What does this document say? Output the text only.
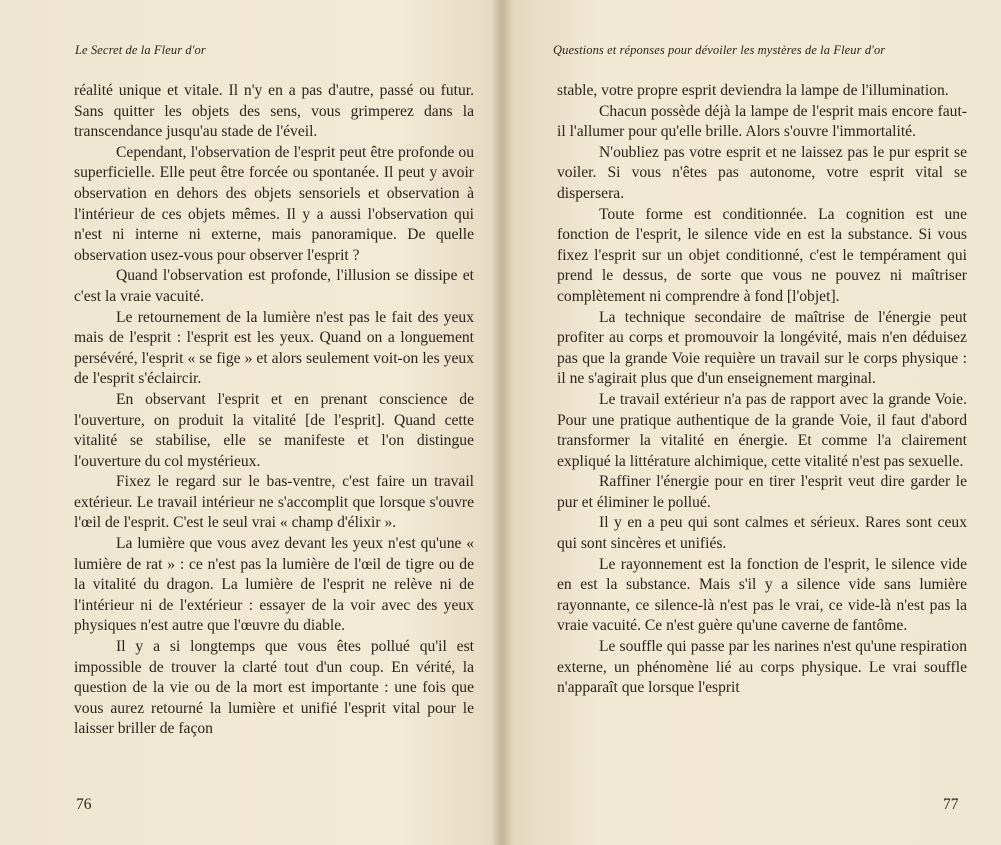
Le Secret de la Fleur d'or

réalité unique et vitale. Il n'y en a pas d'autre, passé ou futur. Sans quitter les objets des sens, vous grimperez dans la transcendance jusqu'au stade de l'éveil.

Cependant, l'observation de l'esprit peut être profonde ou superficielle. Elle peut être forcée ou spontanée. Il peut y avoir observation en dehors des objets sensoriels et observation à l'intérieur de ces objets mêmes. Il y a aussi l'observation qui n'est ni interne ni externe, mais panoramique. De quelle observation usez-vous pour observer l'esprit ?

Quand l'observation est profonde, l'illusion se dissipe et c'est la vraie vacuité.

Le retournement de la lumière n'est pas le fait des yeux mais de l'esprit : l'esprit est les yeux. Quand on a longuement persévéré, l'esprit « se fige » et alors seulement voit-on les yeux de l'esprit s'éclaircir.

En observant l'esprit et en prenant conscience de l'ouverture, on produit la vitalité [de l'esprit]. Quand cette vitalité se stabilise, elle se manifeste et l'on distingue l'ouverture du col mystérieux.

Fixez le regard sur le bas-ventre, c'est faire un travail extérieur. Le travail intérieur ne s'accomplit que lorsque s'ouvre l'œil de l'esprit. C'est le seul vrai « champ d'élixir ».

La lumière que vous avez devant les yeux n'est qu'une « lumière de rat » : ce n'est pas la lumière de l'œil de tigre ou de la vitalité du dragon. La lumière de l'esprit ne relève ni de l'intérieur ni de l'extérieur : essayer de la voir avec des yeux physiques n'est autre que l'œuvre du diable.

Il y a si longtemps que vous êtes pollué qu'il est impossible de trouver la clarté tout d'un coup. En vérité, la question de la vie ou de la mort est importante : une fois que vous aurez retourné la lumière et unifié l'esprit vital pour le laisser briller de façon

76
Questions et réponses pour dévoiler les mystères de la Fleur d'or

stable, votre propre esprit deviendra la lampe de l'illumination.

Chacun possède déjà la lampe de l'esprit mais encore faut-il l'allumer pour qu'elle brille. Alors s'ouvre l'immortalité.

N'oubliez pas votre esprit et ne laissez pas le pur esprit se voiler. Si vous n'êtes pas autonome, votre esprit vital se dispersera.

Toute forme est conditionnée. La cognition est une fonction de l'esprit, le silence vide en est la substance. Si vous fixez l'esprit sur un objet conditionné, c'est le tempérament qui prend le dessus, de sorte que vous ne pouvez ni maîtriser complètement ni comprendre à fond [l'objet].

La technique secondaire de maîtrise de l'énergie peut profiter au corps et promouvoir la longévité, mais n'en déduisez pas que la grande Voie requière un travail sur le corps physique : il ne s'agirait plus que d'un enseignement marginal.

Le travail extérieur n'a pas de rapport avec la grande Voie. Pour une pratique authentique de la grande Voie, il faut d'abord transformer la vitalité en énergie. Et comme l'a clairement expliqué la littérature alchimique, cette vitalité n'est pas sexuelle.

Raffiner l'énergie pour en tirer l'esprit veut dire garder le pur et éliminer le pollué.

Il y en a peu qui sont calmes et sérieux. Rares sont ceux qui sont sincères et unifiés.

Le rayonnement est la fonction de l'esprit, le silence vide en est la substance. Mais s'il y a silence vide sans lumière rayonnante, ce silence-là n'est pas le vrai, ce vide-là n'est pas la vraie vacuité. Ce n'est guère qu'une caverne de fantôme.

Le souffle qui passe par les narines n'est qu'une respiration externe, un phénomène lié au corps physique. Le vrai souffle n'apparaît que lorsque l'esprit

77
